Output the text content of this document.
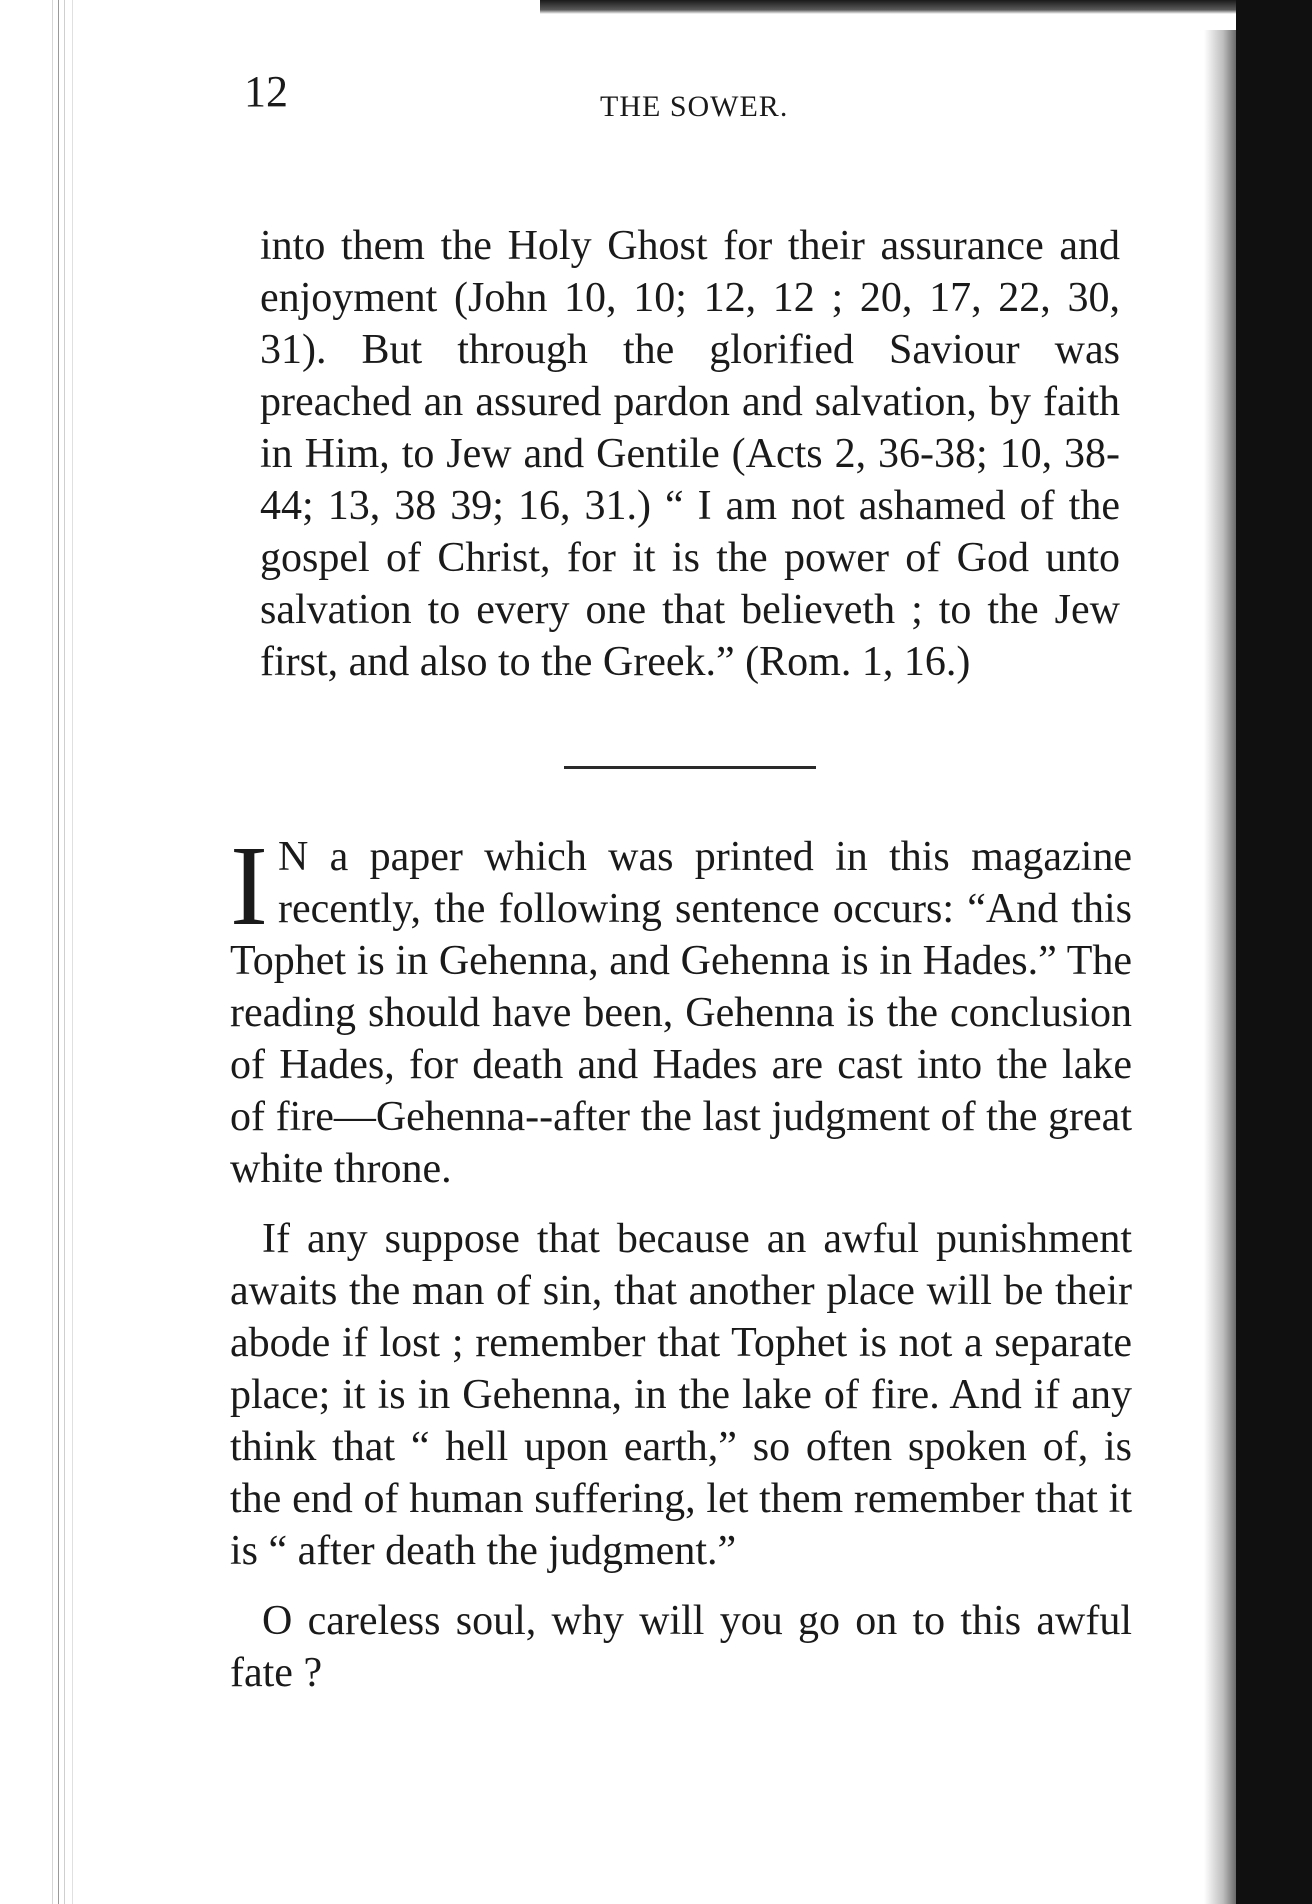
12	THE SOWER.

into them the Holy Ghost for their assurance and enjoyment (John 10, 10; 12, 12 ; 20, 17, 22, 30, 31). But through the glorified Saviour was preached an assured pardon and salvation, by faith in Him, to Jew and Gentile (Acts 2, 36-38; 10, 38-44; 13, 38 39; 16, 31.) “ I am not ashamed of the gospel of Christ, for it is the power of God unto salvation to every one that believeth ; to the Jew first, and also to the Greek.” (Rom. 1, 16.)

I N a paper which was printed in this magazine recently, the following sentence occurs: “And this Tophet is in Gehenna, and Gehenna is in Hades.” The reading should have been, Gehenna is the conclusion of Hades, for death and Hades are cast into the lake of fire—Gehenna--after the last judgment of the great white throne.

If any suppose that because an awful punishment awaits the man of sin, that another place will be their abode if lost ; remember that Tophet is not a separate place; it is in Gehenna, in the lake of fire. And if any think that “ hell upon earth,” so often spoken of, is the end of human suffering, let them remember that it is “ after death the judgment.”

O careless soul, why will you go on to this awful fate ?
